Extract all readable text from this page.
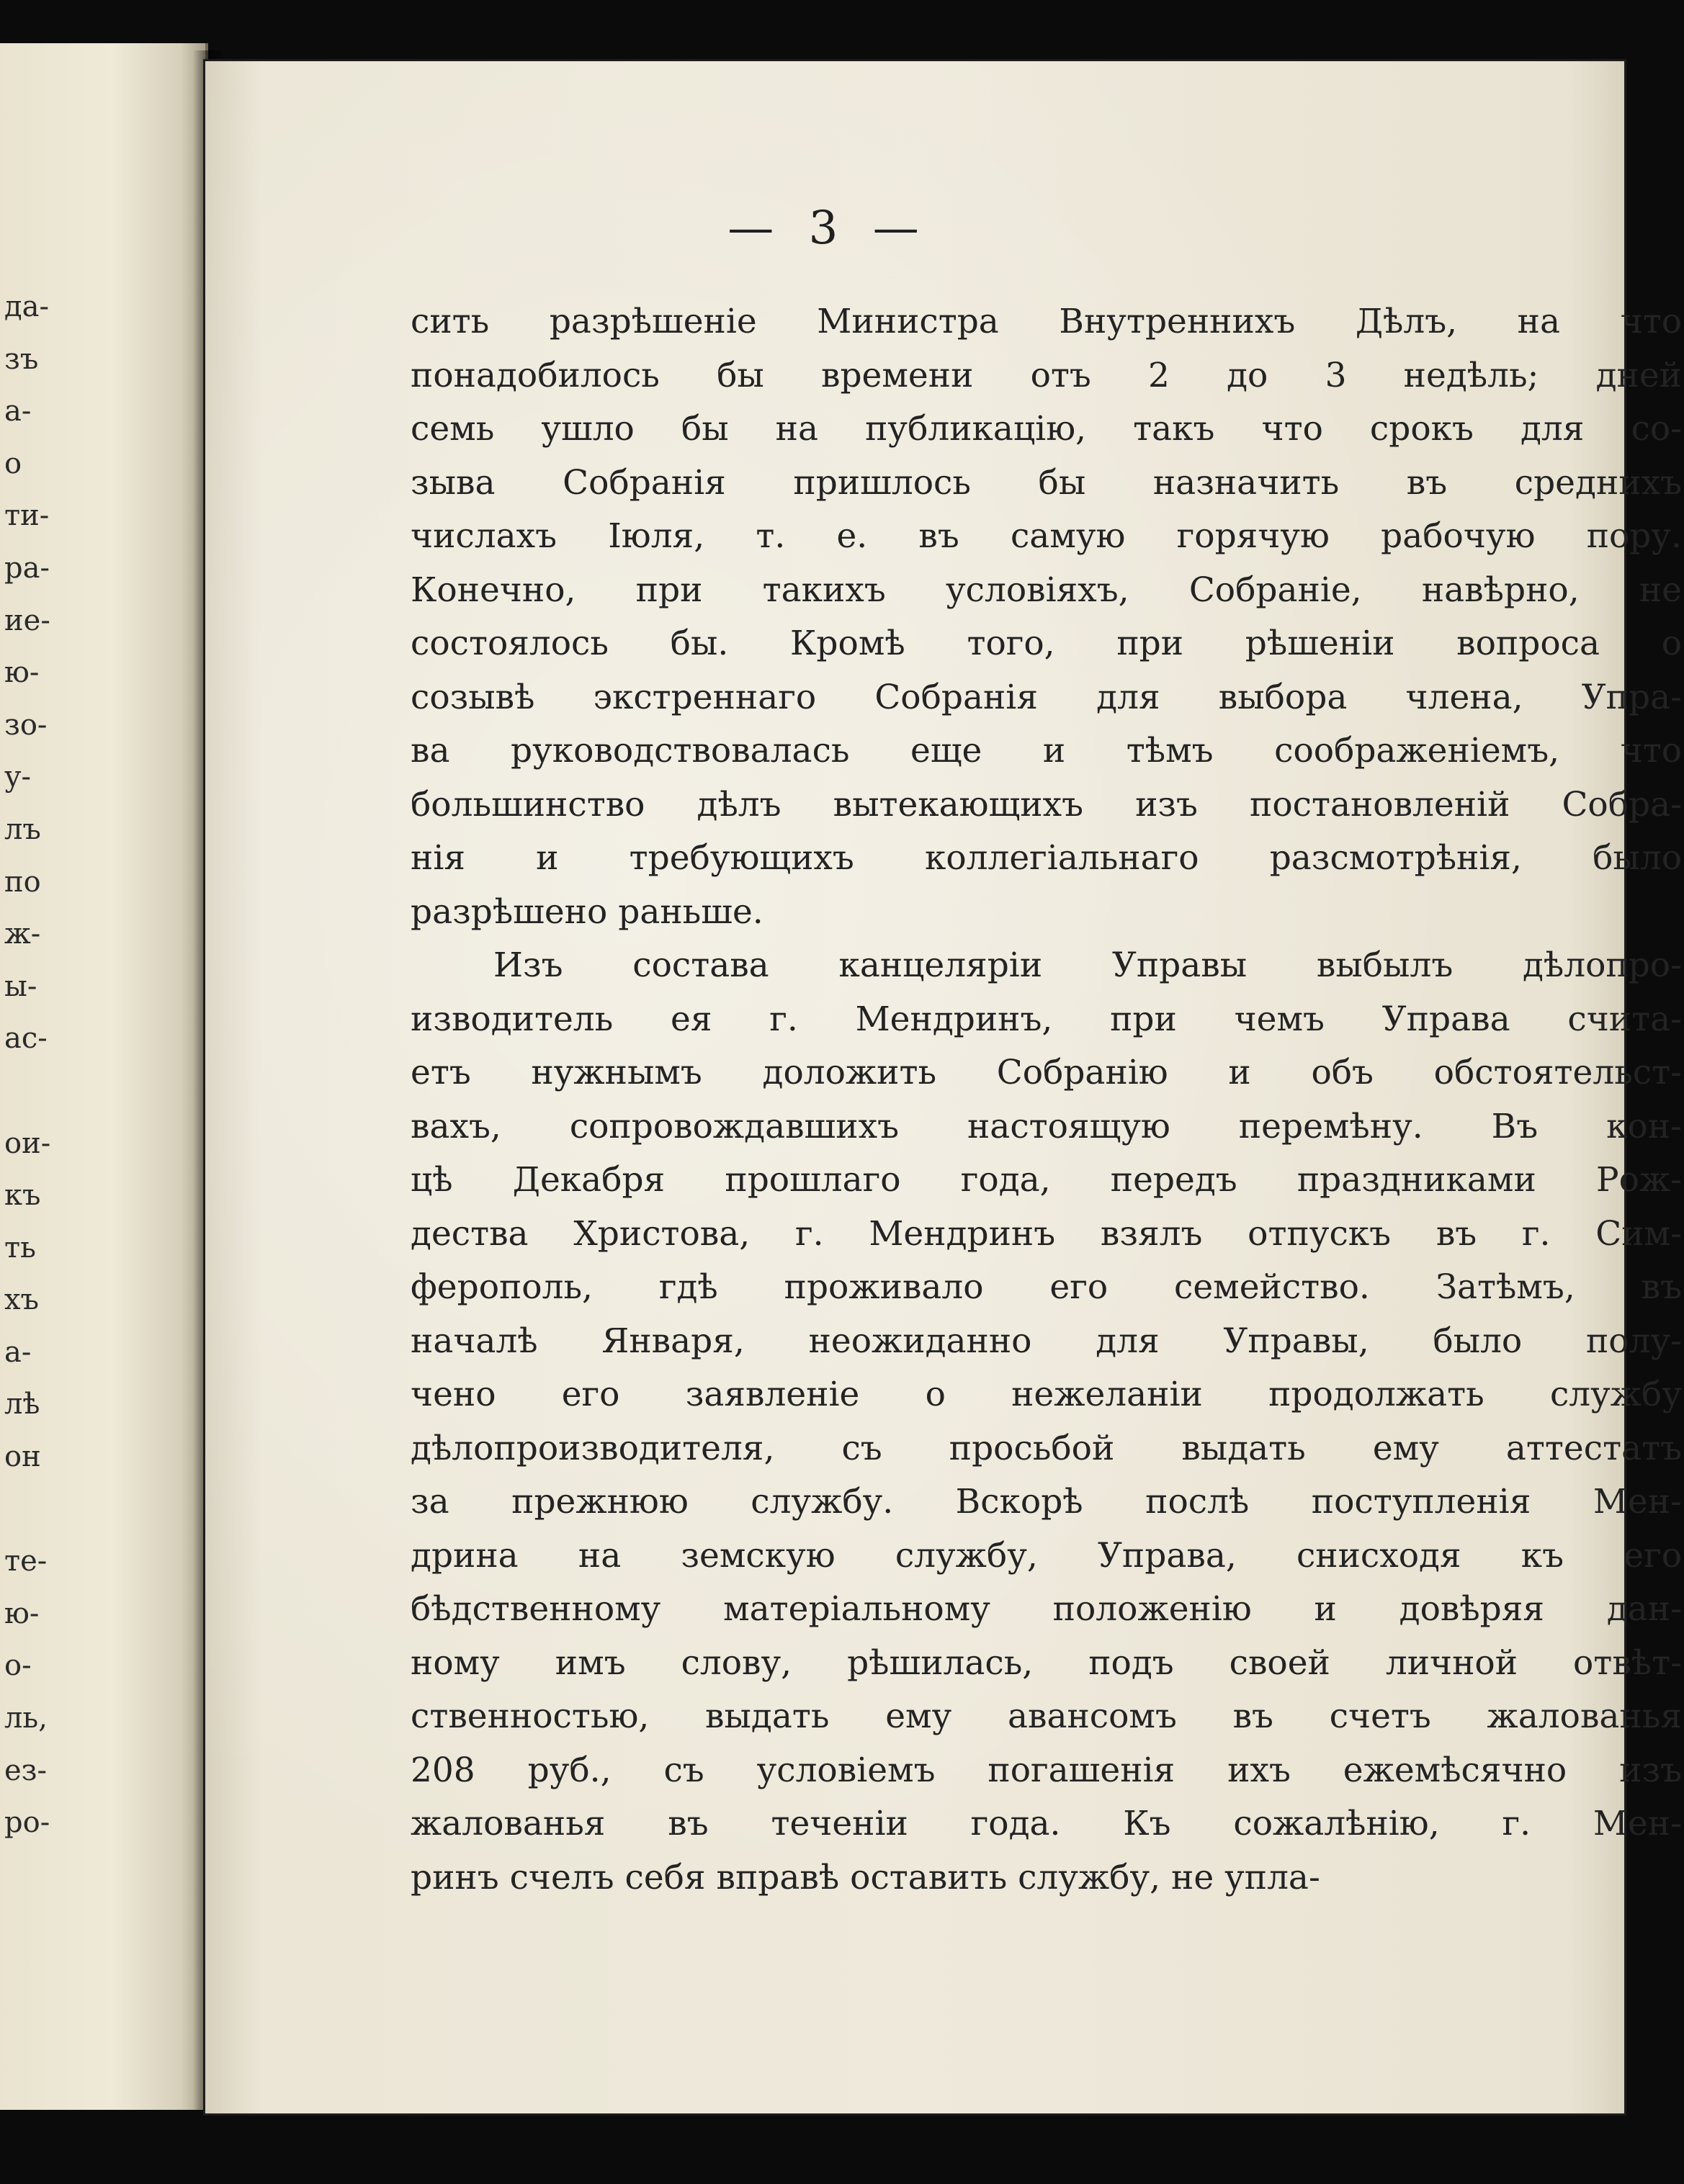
да-
зъ
а-
о
ти-
ра-
ие-
ю-
зо-
у-
лъ
по
ж-
ы-
ас-
ои-
къ
ть
хъ
а-
лѣ
он
те-
ю-
о-
ль,
ез-
ро-
— 3 —
сить разрѣшеніе Министра Внутреннихъ Дѣлъ, на что
понадобилось бы времени отъ 2 до 3 недѣль; дней
семь ушло бы на публикацію, такъ что срокъ для со-
зыва Собранія пришлось бы назначить въ среднихъ
числахъ Іюля, т. е. въ самую горячую рабочую пору.
Конечно, при такихъ условіяхъ, Собраніе, навѣрно, не
состоялось бы. Кромѣ того, при рѣшеніи вопроса о
созывѣ экстреннаго Собранія для выбора члена, Упра-
ва руководствовалась еще и тѣмъ соображеніемъ, что
большинство дѣлъ вытекающихъ изъ постановленій Собра-
нія и требующихъ коллегіальнаго разсмотрѣнія, было
разрѣшено раньше.
Изъ состава канцеляріи Управы выбылъ дѣлопро-
изводитель ея г. Мендринъ, при чемъ Управа счита-
етъ нужнымъ доложить Собранію и объ обстоятельст-
вахъ, сопровождавшихъ настоящую перемѣну. Въ кон-
цѣ Декабря прошлаго года, передъ праздниками Рож-
дества Христова, г. Мендринъ взялъ отпускъ въ г. Сим-
ферополь, гдѣ проживало его семейство. Затѣмъ, въ
началѣ Января, неожиданно для Управы, было полу-
чено его заявленіе о нежеланіи продолжать службу
дѣлопроизводителя, съ просьбой выдать ему аттестатъ
за прежнюю службу. Вскорѣ послѣ поступленія Мен-
дрина на земскую службу, Управа, снисходя къ его
бѣдственному матеріальному положенію и довѣряя дан-
ному имъ слову, рѣшилась, подъ своей личной отвѣт-
ственностью, выдать ему авансомъ въ счетъ жалованья
208 руб., съ условіемъ погашенія ихъ ежемѣсячно изъ
жалованья въ теченіи года. Къ сожалѣнію, г. Мен-
ринъ счелъ себя вправѣ оставить службу, не упла-
